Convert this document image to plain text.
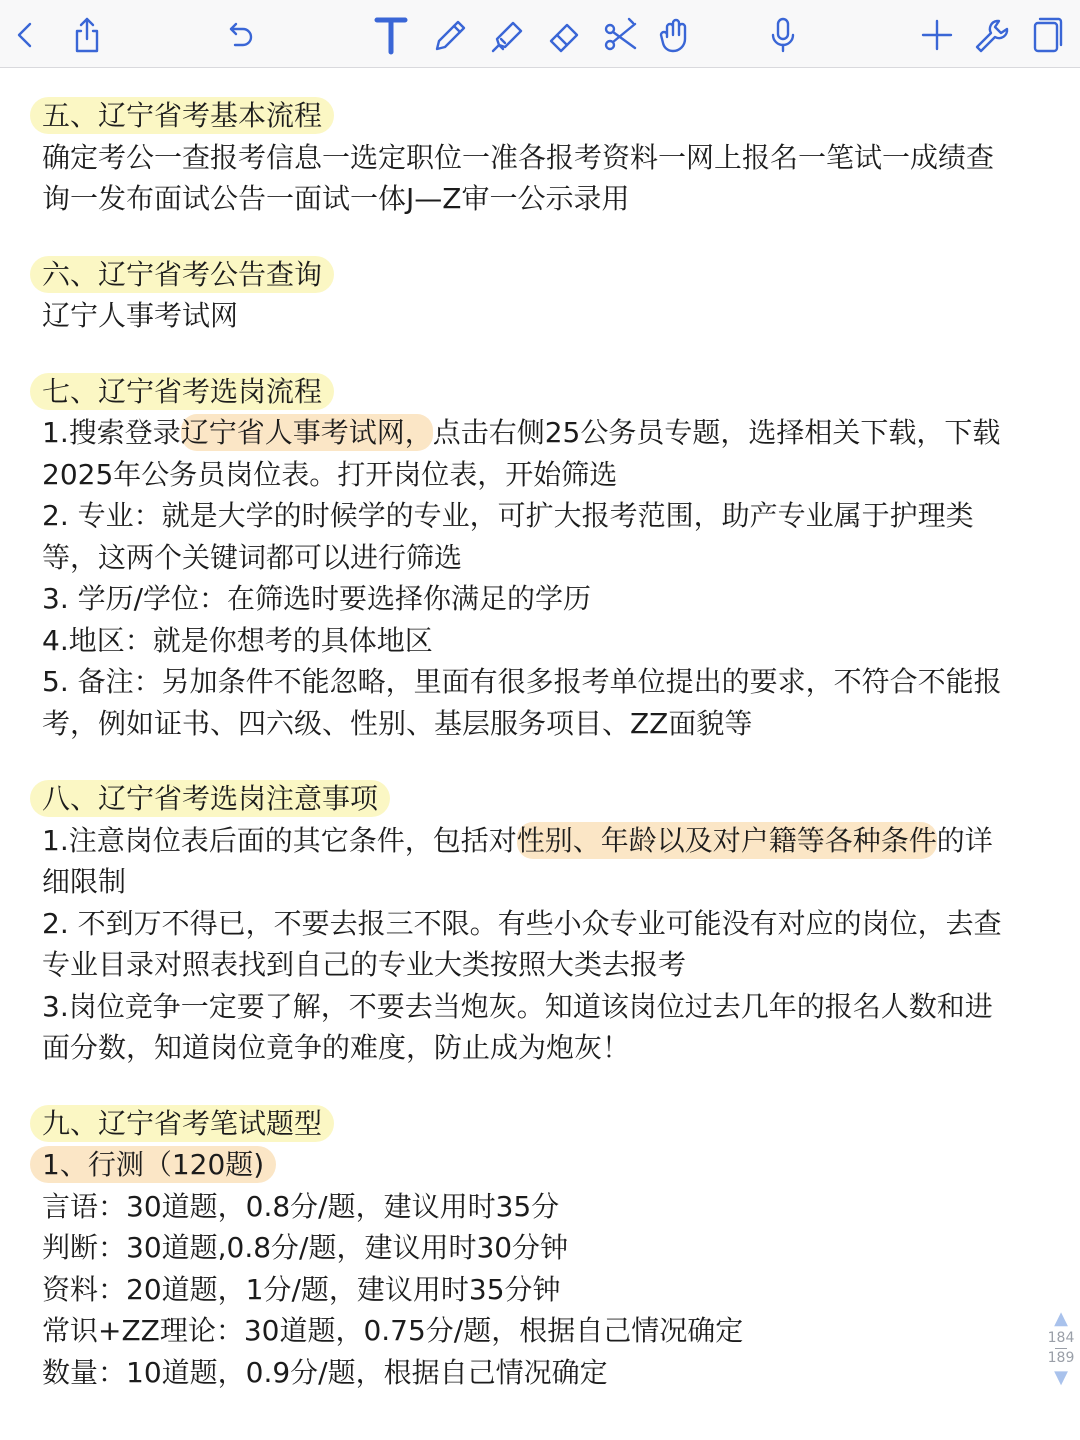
五、辽宁省考基本流程
确定考公一查报考信息一选定职位一准各报考资料一网上报名一笔试一成绩查
询一发布面试公告一面试一体J—Z审一公示录用
六、辽宁省考公告查询
辽宁人事考试网
七、辽宁省考选岗流程
1.搜索登录辽宁省人事考试网，点击右侧25公务员专题，选择相关下载，下载
2025年公务员岗位表。打开岗位表，开始筛选
2. 专业：就是大学的时候学的专业，可扩大报考范围，助产专业属于护理类
等，这两个关键词都可以进行筛选
3. 学历/学位：在筛选时要选择你满足的学历
4.地区：就是你想考的具体地区
5. 备注：另加条件不能忽略，里面有很多报考单位提出的要求，不符合不能报
考，例如证书、四六级、性别、基层服务项目、ZZ面貌等
八、辽宁省考选岗注意事项
1.注意岗位表后面的其它条件，包括对性别、年龄以及对户籍等各种条件的详
细限制
2. 不到万不得已，不要去报三不限。有些小众专业可能没有对应的岗位，去查
专业目录对照表找到自己的专业大类按照大类去报考
3.岗位竞争一定要了解，不要去当炮灰。知道该岗位过去几年的报名人数和进
面分数，知道岗位竟争的难度，防止成为炮灰！
九、辽宁省考笔试题型
1、行测（120题)
言语：30道题，0.8分/题，建议用时35分
判断：30道题,0.8分/题，建议用时30分钟
资料：20道题，1分/题，建议用时35分钟
常识+ZZ理论：30道题，0.75分/题，根据自己情况确定
数量：10道题，0.9分/题，根据自己情况确定
▲
184
189
▼
